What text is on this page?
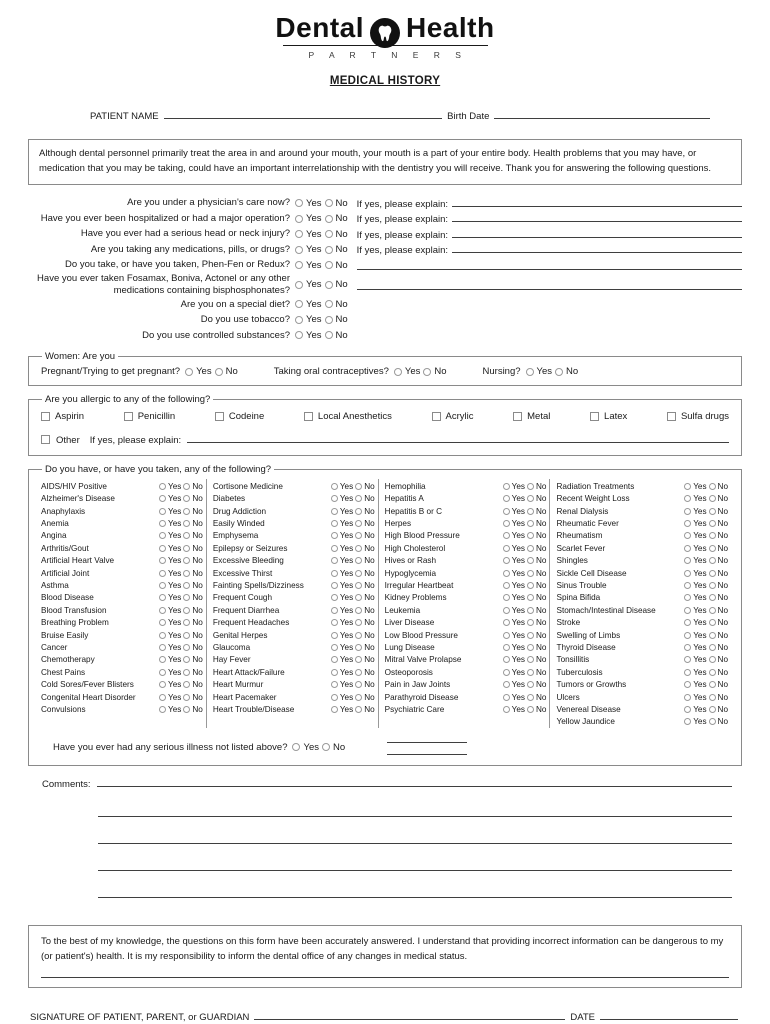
Dental Health
P A R T N E R S
MEDICAL HISTORY
PATIENT NAME	Birth Date

Although dental personnel primarily treat the area in and around your mouth, your mouth is a part of your entire body. Health problems that you may have, or medication that you may be taking, could have an important interrelationship with the dentistry you will receive. Thank you for answering the following questions.

Are you under a physician's care now? Yes No If yes, please explain:
Have you ever been hospitalized or had a major operation? Yes No If yes, please explain:
Have you ever had a serious head or neck injury? Yes No If yes, please explain:
Are you taking any medications, pills, or drugs? Yes No If yes, please explain:
Do you take, or have you taken, Phen-Fen or Redux? Yes No
Have you ever taken Fosamax, Boniva, Actonel or any other medications containing bisphosphonates? Yes No
Are you on a special diet? Yes No
Do you use tobacco? Yes No
Do you use controlled substances? Yes No
Women: Are you
Pregnant/Trying to get pregnant? Yes No	Taking oral contraceptives? Yes No	Nursing? Yes No
Are you allergic to any of the following?
Aspirin	Penicillin	Codeine	Local Anesthetics	Acrylic	Metal	Latex	Sulfa drugs
Other If yes, please explain:
Do you have, or have you taken, any of the following?
AIDS/HIV Positive	Yes No
Alzheimer's Disease	Yes No
Anaphylaxis	Yes No
Anemia	Yes No
Angina	Yes No
Arthritis/Gout	Yes No
Artificial Heart Valve	Yes No
Artificial Joint	Yes No
Asthma	Yes No
Blood Disease	Yes No
Blood Transfusion	Yes No
Breathing Problem	Yes No
Bruise Easily	Yes No
Cancer	Yes No
Chemotherapy	Yes No
Chest Pains	Yes No
Cold Sores/Fever Blisters	Yes No
Congenital Heart Disorder	Yes No
Convulsions	Yes No
Cortisone Medicine	Yes No
Diabetes	Yes No
Drug Addiction	Yes No
Easily Winded	Yes No
Emphysema	Yes No
Epilepsy or Seizures	Yes No
Excessive Bleeding	Yes No
Excessive Thirst	Yes No
Fainting Spells/Dizziness	Yes No
Frequent Cough	Yes No
Frequent Diarrhea	Yes No
Frequent Headaches	Yes No
Genital Herpes	Yes No
Glaucoma	Yes No
Hay Fever	Yes No
Heart Attack/Failure	Yes No
Heart Murmur	Yes No
Heart Pacemaker	Yes No
Heart Trouble/Disease	Yes No
Hemophilia	Yes No
Hepatitis A	Yes No
Hepatitis B or C	Yes No
Herpes	Yes No
High Blood Pressure	Yes No
High Cholesterol	Yes No
Hives or Rash	Yes No
Hypoglycemia	Yes No
Irregular Heartbeat	Yes No
Kidney Problems	Yes No
Leukemia	Yes No
Liver Disease	Yes No
Low Blood Pressure	Yes No
Lung Disease	Yes No
Mitral Valve Prolapse	Yes No
Osteoporosis	Yes No
Pain in Jaw Joints	Yes No
Parathyroid Disease	Yes No
Psychiatric Care	Yes No
Radiation Treatments	Yes No
Recent Weight Loss	Yes No
Renal Dialysis	Yes No
Rheumatic Fever	Yes No
Rheumatism	Yes No
Scarlet Fever	Yes No
Shingles	Yes No
Sickle Cell Disease	Yes No
Sinus Trouble	Yes No
Spina Bifida	Yes No
Stomach/Intestinal Disease	Yes No
Stroke	Yes No
Swelling of Limbs	Yes No
Thyroid Disease	Yes No
Tonsillitis	Yes No
Tuberculosis	Yes No
Tumors or Growths	Yes No
Ulcers	Yes No
Venereal Disease	Yes No
Yellow Jaundice	Yes No
Have you ever had any serious illness not listed above? Yes No
Comments:

To the best of my knowledge, the questions on this form have been accurately answered. I understand that providing incorrect information can be dangerous to my (or patient's) health. It is my responsibility to inform the dental office of any changes in medical status.

SIGNATURE OF PATIENT, PARENT, or GUARDIAN	DATE
